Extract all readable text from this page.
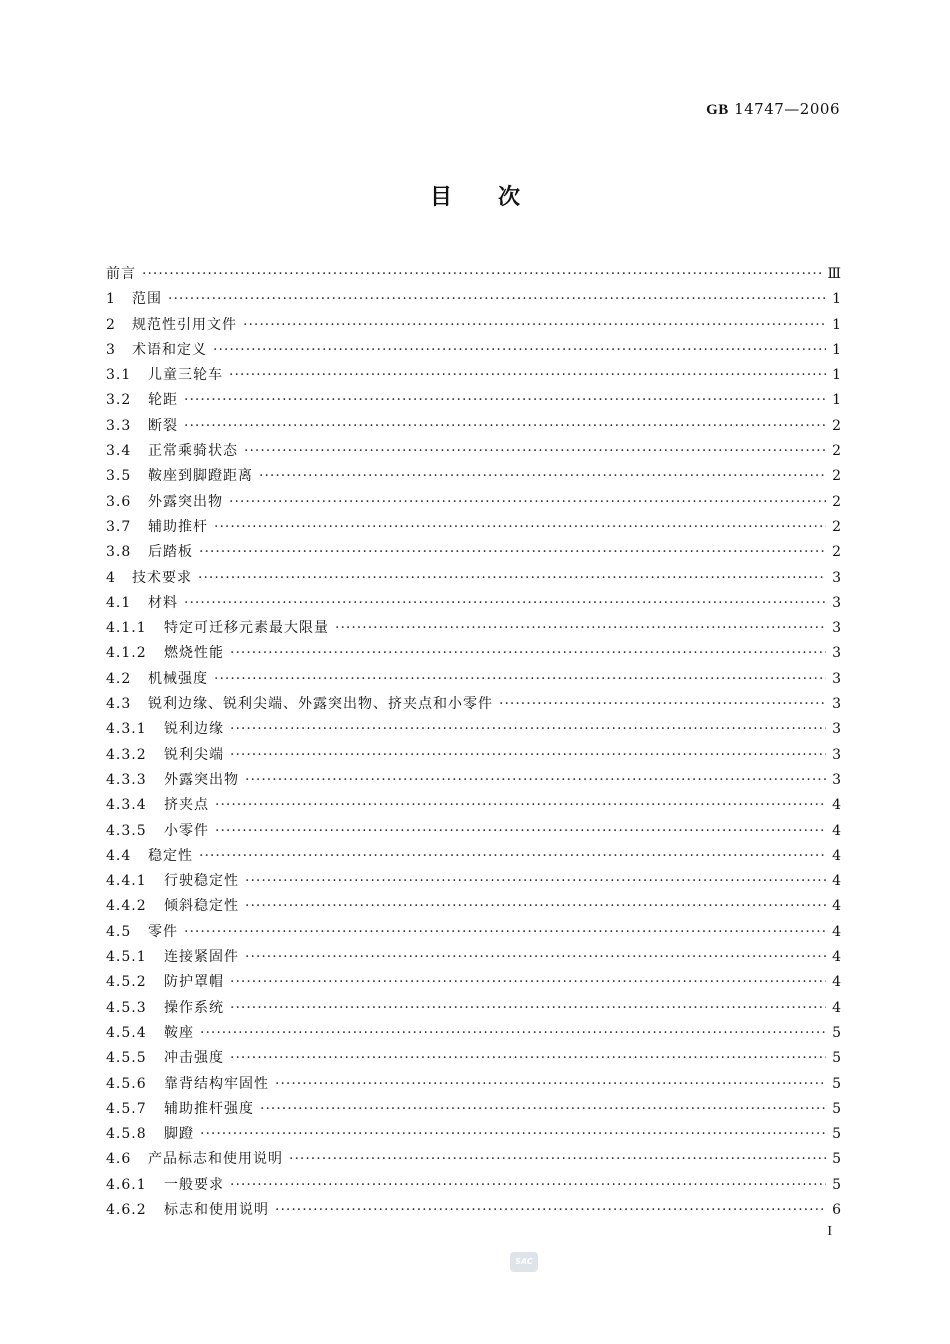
GB 14747—2006
目次
前言 ·····	Ⅲ
1	范围 ·····	1
2	规范性引用文件 ·····	1
3	术语和定义 ·····	1
3.1	儿童三轮车 ·····	1
3.2	轮距 ·····	1
3.3	断裂 ·····	2
3.4	正常乘骑状态 ·····	2
3.5	鞍座到脚蹬距离 ·····	2
3.6	外露突出物 ·····	2
3.7	辅助推杆 ·····	2
3.8	后踏板 ·····	2
4	技术要求 ·····	3
4.1	材料 ·····	3
4.1.1	特定可迁移元素最大限量 ·····	3
4.1.2	燃烧性能 ·····	3
4.2	机械强度 ·····	3
4.3	锐利边缘、锐利尖端、外露突出物、挤夹点和小零件 ·····	3
4.3.1	锐利边缘 ·····	3
4.3.2	锐利尖端 ·····	3
4.3.3	外露突出物 ·····	3
4.3.4	挤夹点 ·····	4
4.3.5	小零件 ·····	4
4.4	稳定性 ·····	4
4.4.1	行驶稳定性 ·····	4
4.4.2	倾斜稳定性 ·····	4
4.5	零件 ·····	4
4.5.1	连接紧固件 ·····	4
4.5.2	防护罩帽 ·····	4
4.5.3	操作系统 ·····	4
4.5.4	鞍座 ·····	5
4.5.5	冲击强度 ·····	5
4.5.6	靠背结构牢固性 ·····	5
4.5.7	辅助推杆强度 ·····	5
4.5.8	脚蹬 ·····	5
4.6	产品标志和使用说明 ·····	5
4.6.1	一般要求 ·····	5
4.6.2	标志和使用说明 ·····	6
I
SAC
